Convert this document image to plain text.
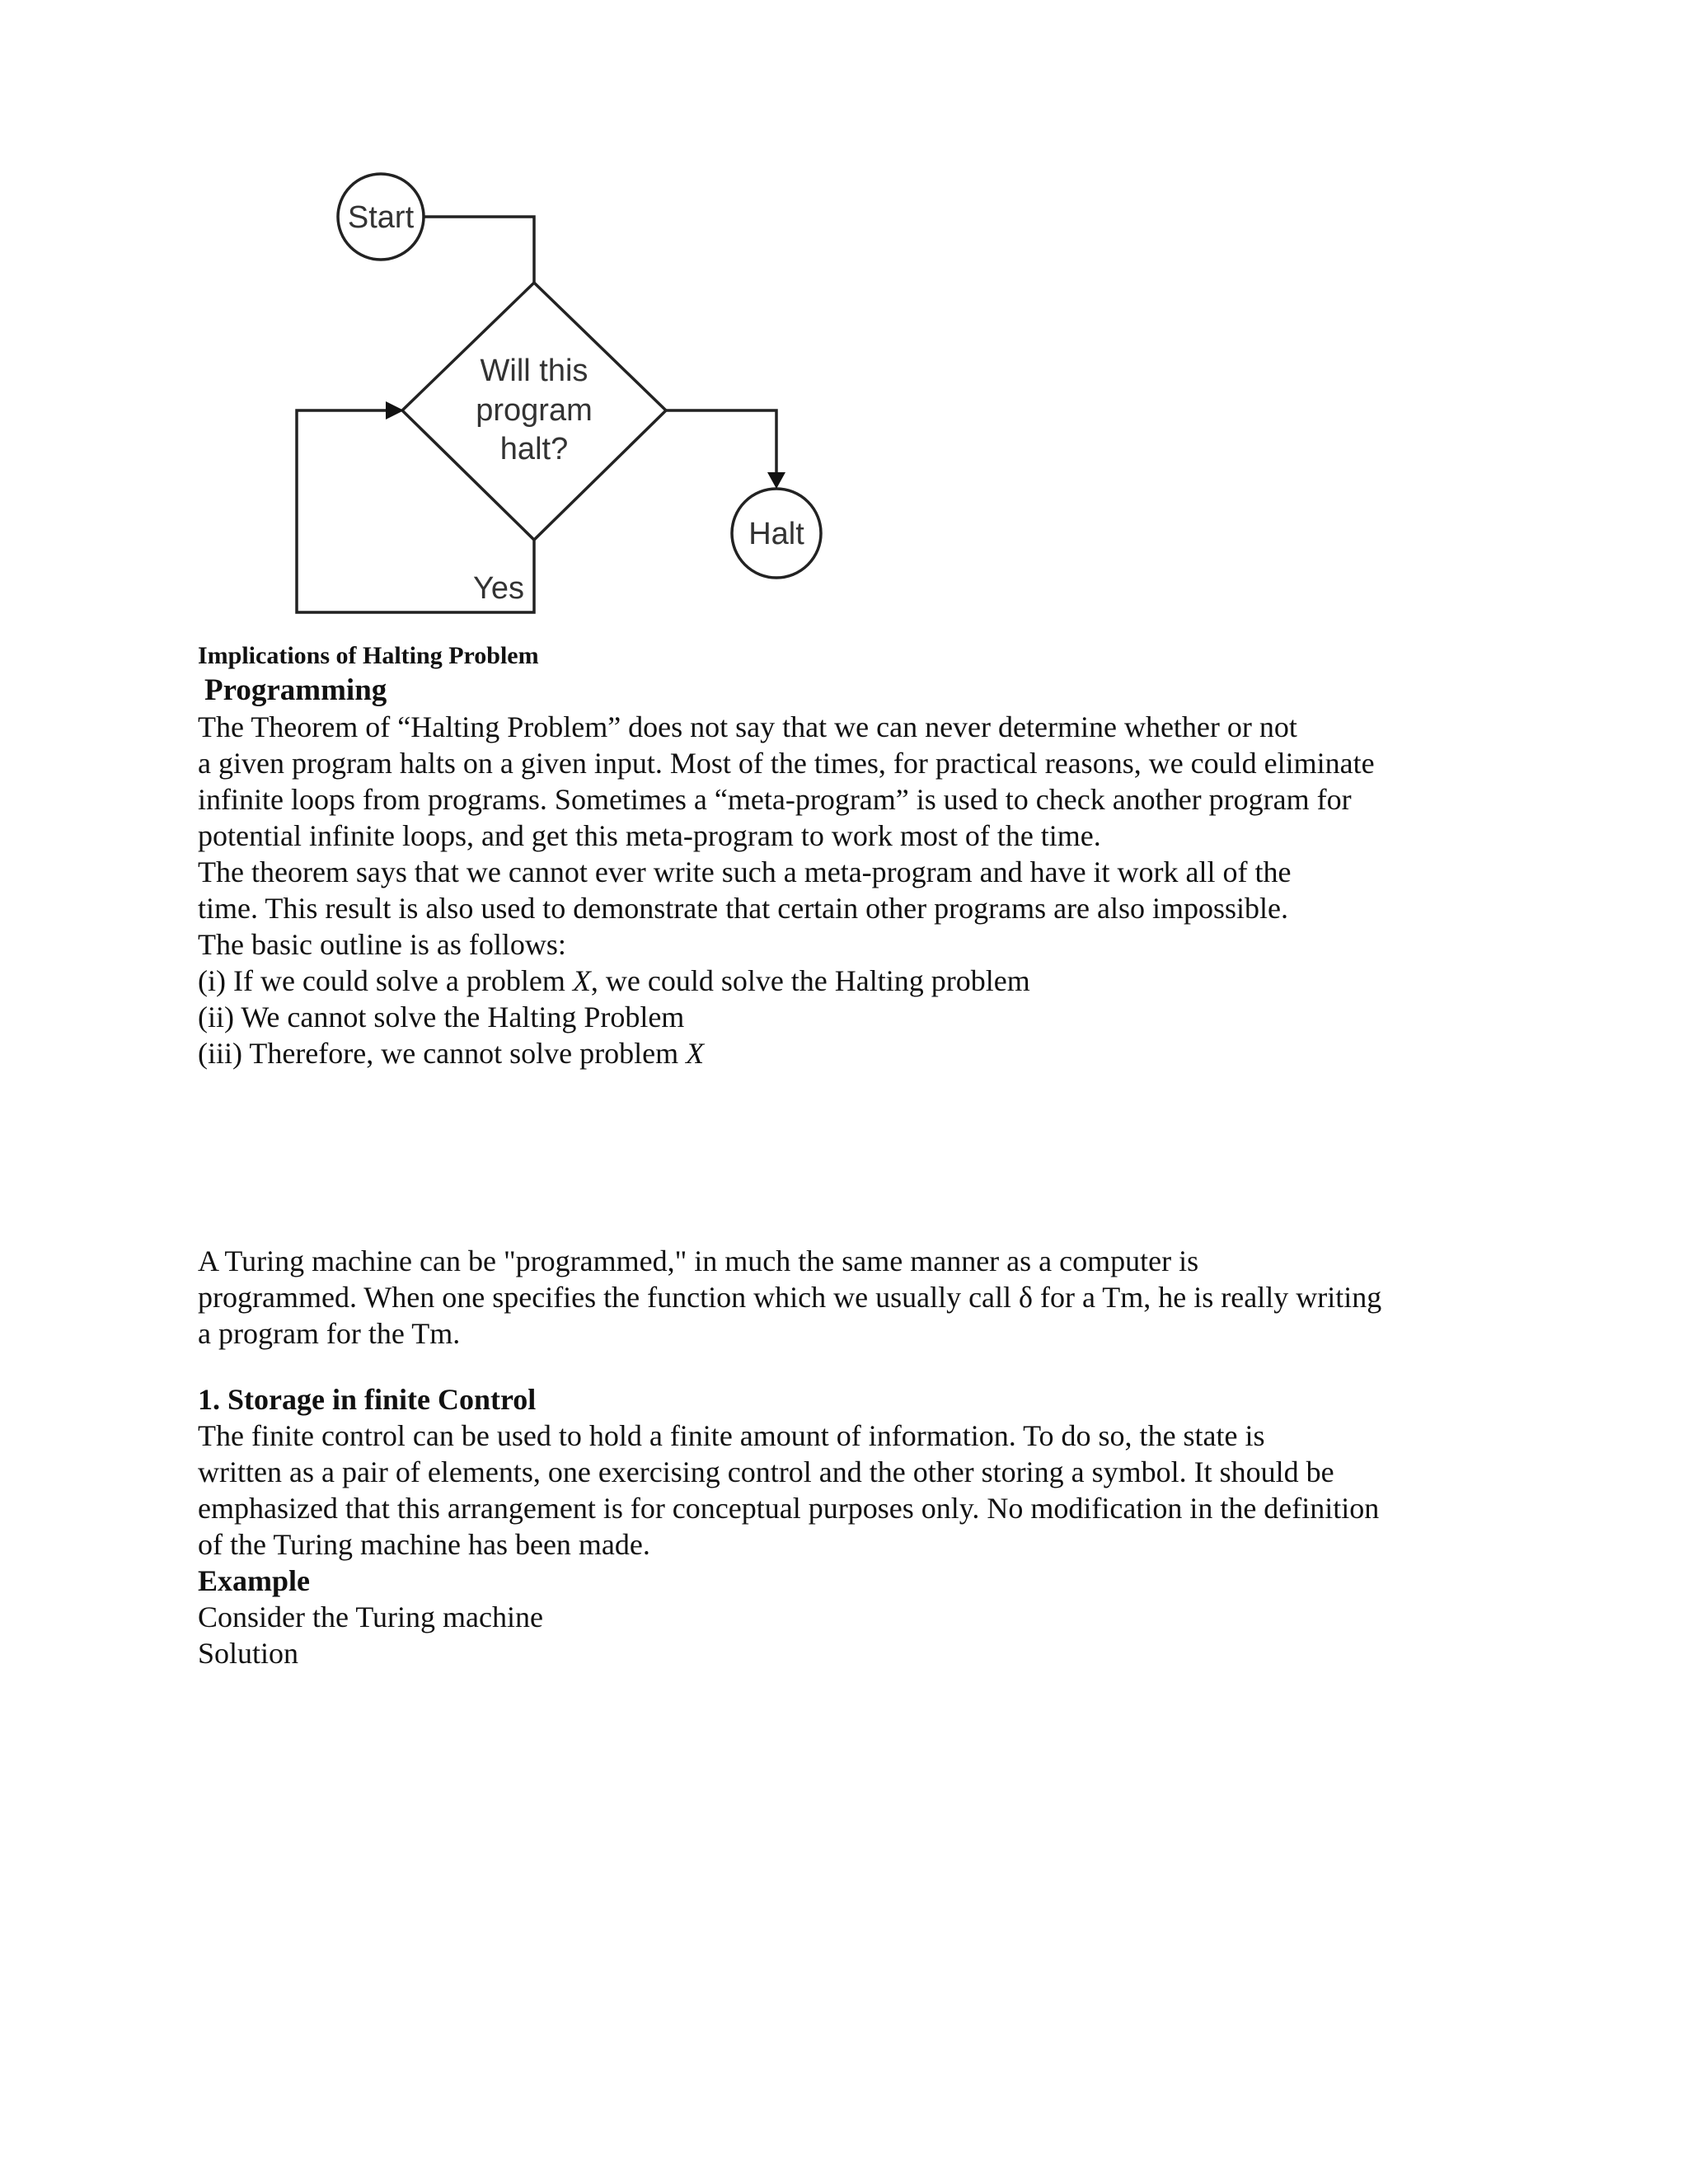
Start
Will this
program
halt?
Halt
Yes
Implications of Halting Problem
Programming
The Theorem of “Halting Problem” does not say that we can never determine whether or not
a given program halts on a given input. Most of the times, for practical reasons, we could eliminate
infinite loops from programs. Sometimes a “meta-program” is used to check another program for
potential infinite loops, and get this meta-program to work most of the time.
The theorem says that we cannot ever write such a meta-program and have it work all of the
time. This result is also used to demonstrate that certain other programs are also impossible.
The basic outline is as follows:
(i) If we could solve a problem X, we could solve the Halting problem
(ii) We cannot solve the Halting Problem
(iii) Therefore, we cannot solve problem X
A Turing machine can be "programmed," in much the same manner as a computer is
programmed. When one specifies the function which we usually call δ for a Tm, he is really writing
a program for the Tm.
1. Storage in finite Control
The finite control can be used to hold a finite amount of information. To do so, the state is
written as a pair of elements, one exercising control and the other storing a symbol. It should be
emphasized that this arrangement is for conceptual purposes only. No modification in the definition
of the Turing machine has been made.
Example
Consider the Turing machine
Solution
